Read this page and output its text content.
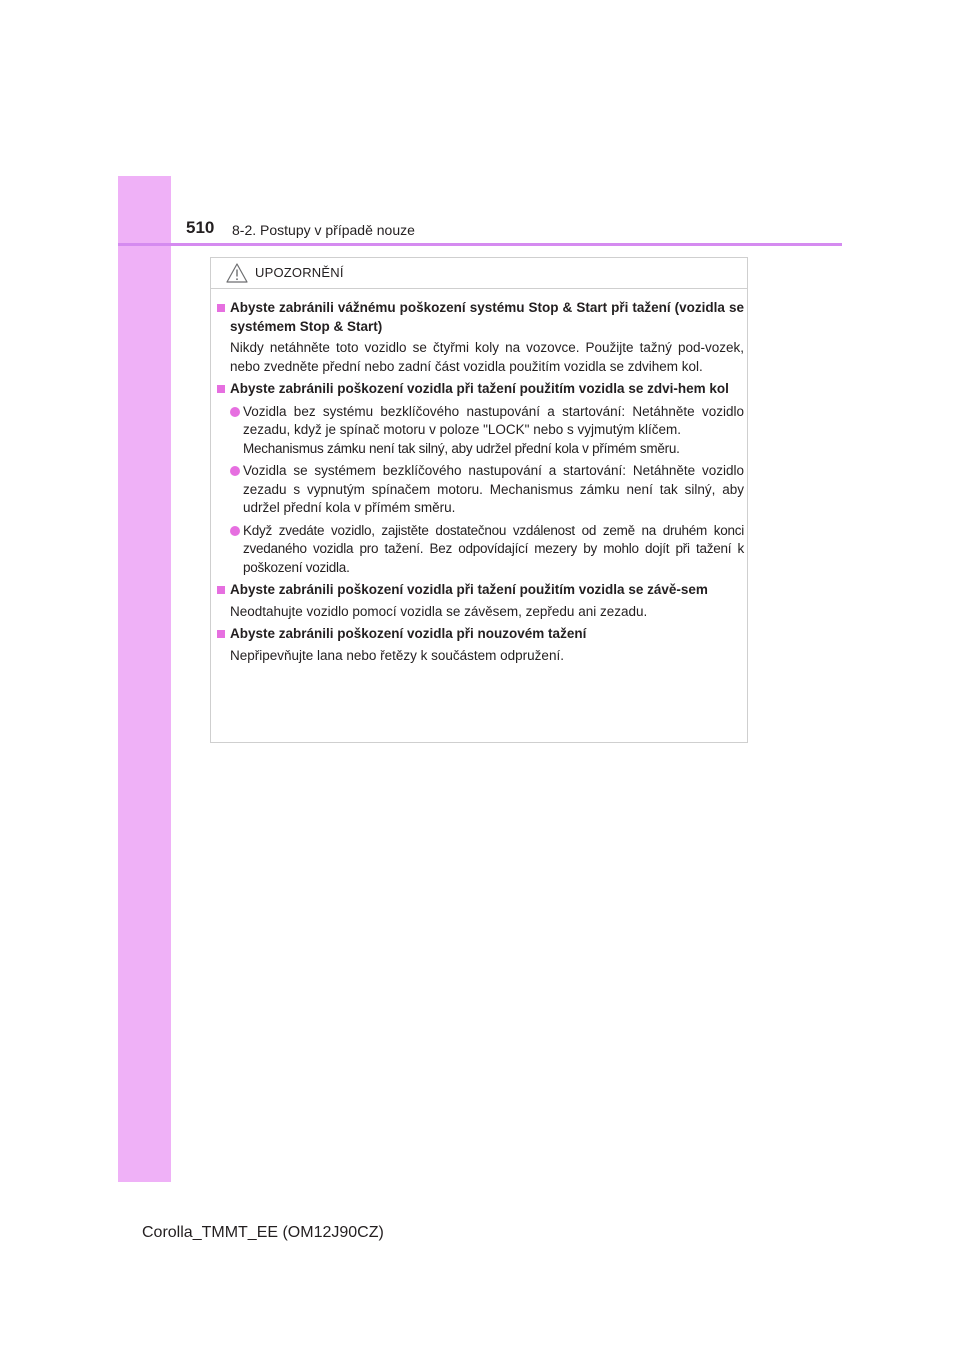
510 8-2. Postupy v případě nouze
UPOZORNĚNÍ
Abyste zabránili vážnému poškození systému Stop & Start při tažení (vozidla se systémem Stop & Start)
Nikdy netáhněte toto vozidlo se čtyřmi koly na vozovce. Použijte tažný pod-vozek, nebo zvedněte přední nebo zadní část vozidla použitím vozidla se zdvihem kol.
Abyste zabránili poškození vozidla při tažení použitím vozidla se zdvi-hem kol
Vozidla bez systému bezklíčového nastupování a startování: Netáhněte vozidlo zezadu, když je spínač motoru v poloze "LOCK" nebo s vyjmutým klíčem.
Mechanismus zámku není tak silný, aby udržel přední kola v přímém směru.
Vozidla se systémem bezklíčového nastupování a startování: Netáhněte vozidlo zezadu s vypnutým spínačem motoru. Mechanismus zámku není tak silný, aby udržel přední kola v přímém směru.
Když zvedáte vozidlo, zajistěte dostatečnou vzdálenost od země na druhém konci zvedaného vozidla pro tažení. Bez odpovídající mezery by mohlo dojít při tažení k poškození vozidla.
Abyste zabránili poškození vozidla při tažení použitím vozidla se závě-sem
Neodtahujte vozidlo pomocí vozidla se závěsem, zepředu ani zezadu.
Abyste zabránili poškození vozidla při nouzovém tažení
Nepřipevňujte lana nebo řetězy k součástem odpružení.
Corolla_TMMT_EE (OM12J90CZ)
